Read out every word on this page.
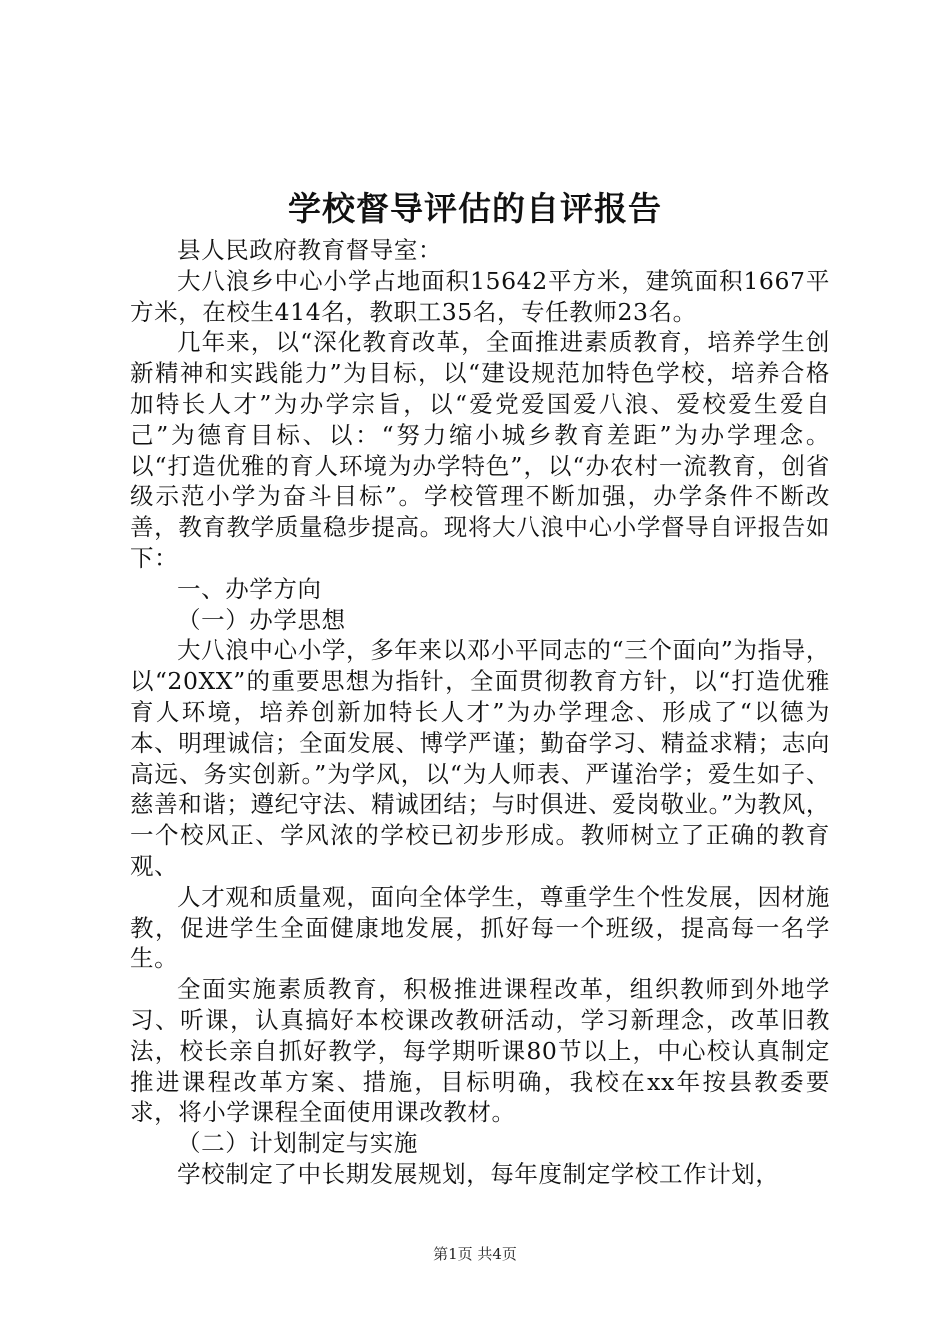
学校督导评估的自评报告

县人民政府教育督导室：

大八浪乡中心小学占地面积15642平方米，建筑面积1667平方米，在校生414名，教职工35名，专任教师23名。

几年来，以“深化教育改革，全面推进素质教育，培养学生创新精神和实践能力”为目标，以“建设规范加特色学校，培养合格加特长人才”为办学宗旨，以“爱党爱国爱八浪、爱校爱生爱自己”为德育目标、以：“努力缩小城乡教育差距”为办学理念。以“打造优雅的育人环境为办学特色”，以“办农村一流教育，创省级示范小学为奋斗目标”。学校管理不断加强，办学条件不断改善，教育教学质量稳步提高。现将大八浪中心小学督导自评报告如下：

一、办学方向

（一）办学思想

大八浪中心小学，多年来以邓小平同志的“三个面向”为指导，以“20XX”的重要思想为指针，全面贯彻教育方针，以“打造优雅育人环境，培养创新加特长人才”为办学理念、形成了“以德为本、明理诚信；全面发展、博学严谨；勤奋学习、精益求精；志向高远、务实创新。”为学风，以“为人师表、严谨治学；爱生如子、慈善和谐；遵纪守法、精诚团结；与时俱进、爱岗敬业。”为教风，一个校风正、学风浓的学校已初步形成。教师树立了正确的教育观、

人才观和质量观，面向全体学生，尊重学生个性发展，因材施教，促进学生全面健康地发展，抓好每一个班级，提高每一名学生。

全面实施素质教育，积极推进课程改革，组织教师到外地学习、听课，认真搞好本校课改教研活动，学习新理念，改革旧教法，校长亲自抓好教学，每学期听课80节以上，中心校认真制定推进课程改革方案、措施，目标明确，我校在xx年按县教委要求，将小学课程全面使用课改教材。

（二）计划制定与实施

学校制定了中长期发展规划，每年度制定学校工作计划，

第1页 共4页
